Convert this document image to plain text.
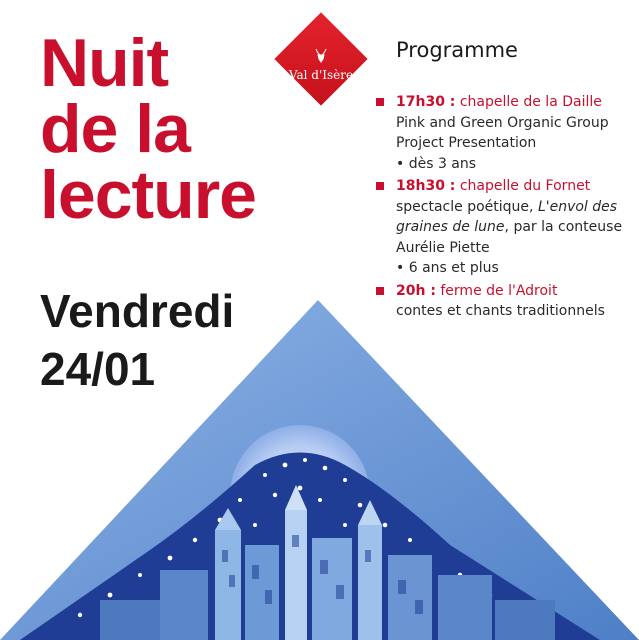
Nuit
de la
lecture
Vendredi
24/01
Val d'Isère
Programme
17h30 : chapelle de la Daille
Pink and Green Organic Group Project Presentation
• dès 3 ans
18h30 : chapelle du Fornet
spectacle poétique, L'envol des graines de lune, par la conteuse Aurélie Piette
• 6 ans et plus
20h : ferme de l'Adroit
contes et chants traditionnels
